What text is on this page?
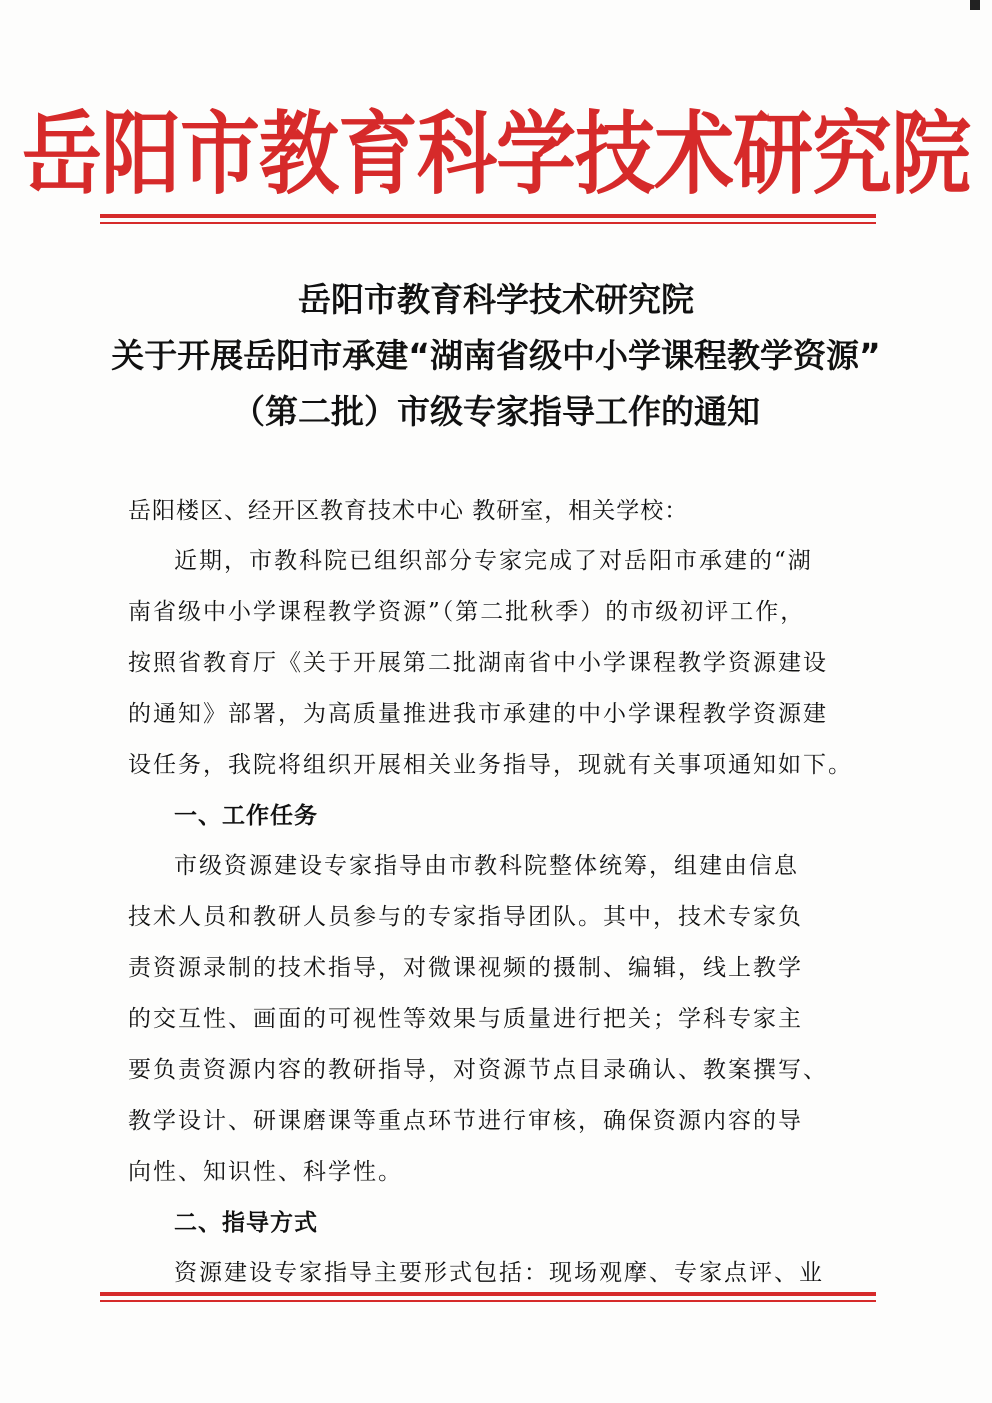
岳阳市教育科学技术研究院
岳阳市教育科学技术研究院
关于开展岳阳市承建“湖南省级中小学课程教学资源”
（第二批）市级专家指导工作的通知
岳阳楼区、经开区教育技术中心 教研室，相关学校：
近期，市教科院已组织部分专家完成了对岳阳市承建的“湖
南省级中小学课程教学资源”（第二批秋季）的市级初评工作，
按照省教育厅《关于开展第二批湖南省中小学课程教学资源建设
的通知》部署，为高质量推进我市承建的中小学课程教学资源建
设任务，我院将组织开展相关业务指导，现就有关事项通知如下。
一、工作任务
市级资源建设专家指导由市教科院整体统筹，组建由信息
技术人员和教研人员参与的专家指导团队。其中，技术专家负
责资源录制的技术指导，对微课视频的摄制、编辑，线上教学
的交互性、画面的可视性等效果与质量进行把关；学科专家主
要负责资源内容的教研指导，对资源节点目录确认、教案撰写、
教学设计、研课磨课等重点环节进行审核，确保资源内容的导
向性、知识性、科学性。
二、指导方式
资源建设专家指导主要形式包括：现场观摩、专家点评、业
